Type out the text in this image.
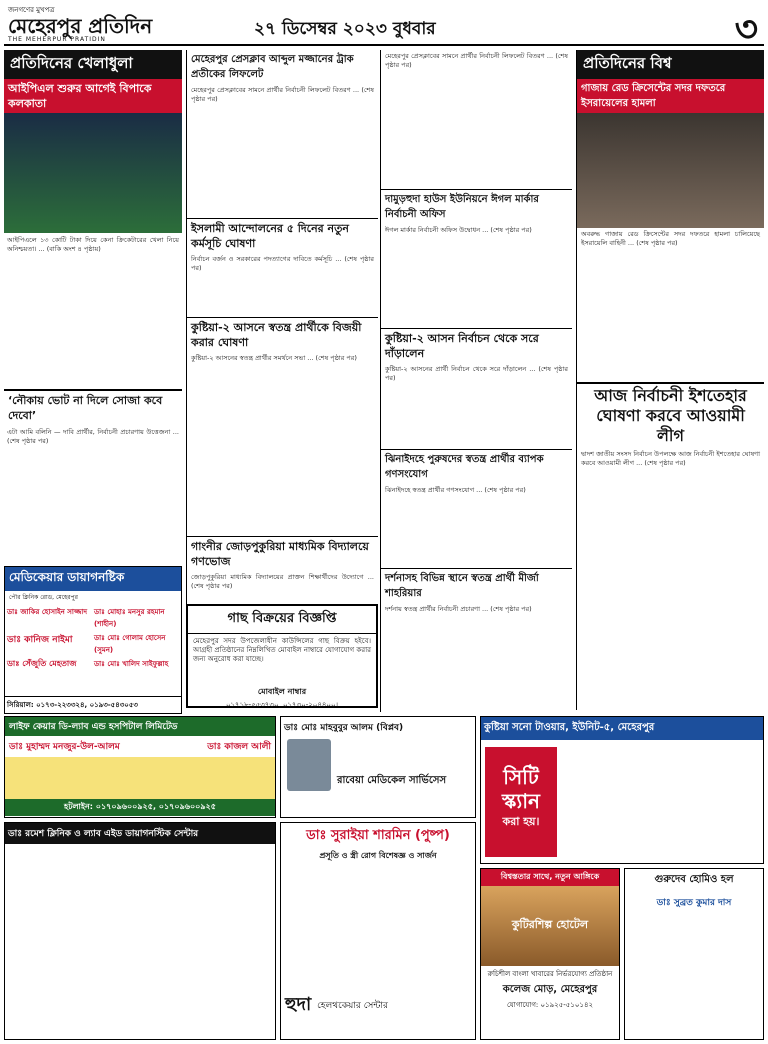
জনগণের মুখপত্র
মেহেরপুর প্রতিদিন
THE MEHERPUR PRATIDIN
২৭ ডিসেম্বর ২০২৩ বুধবার	৩
প্রতিদিনের খেলাধুলা
আইপিএল শুরুর আগেই বিপাকে কলকাতা
আইপিএলে ১৩ কোটি টাকা দিয়ে কেনা ক্রিকেটারের খেলা নিয়ে অনিশ্চয়তা। ... (বাকি অংশ ৪ পৃষ্ঠায়)
‘নৌকায় ভোট না দিলে সোজা কবে দেবো’
এটা আমি বলিনি — দাবি প্রার্থীর, নির্বাচনী প্রচারণায় উত্তেজনা ... (শেষ পৃষ্ঠার পর)
মেডিকেয়ার ডায়াগনষ্টিক
পৌর ক্লিনিক রোড, মেহেরপুর
ডাঃ জাকির হোসাইন সাজ্জাদ	ডাঃ মোহাঃ মনসুর রহমান (শাহীন)
ডাঃ কানিজ নাইমা	ডাঃ মোঃ গোলাম হোসেন (সুমন)
ডাঃ সেঁজুতি মেহতাজ	ডাঃ মোঃ খালিদ সাইফুল্লাহ
সিরিয়াল: ০১৭৩-২২৩৩২৪, ০১৯৩-৫৪৩০৫৩
মেহেরপুর প্রেসক্লাব আব্দুল মজ্জানের ট্রাক প্রতীকের লিফলেট
মেহেরপুর প্রেসক্লাবের সামনে প্রার্থীর নির্বাচনী লিফলেট বিতরণ ... (শেষ পৃষ্ঠার পর)
ইসলামী আন্দোলনের ৫ দিনের নতুন কর্মসূচি ঘোষণা
নির্বাচন বর্জন ও সরকারের পদত্যাগের দাবিতে কর্মসূচি ... (শেষ পৃষ্ঠার পর)
কুষ্টিয়া-২ আসনে স্বতন্ত্র প্রার্থীকে বিজয়ী করার ঘোষণা
কুষ্টিয়া-২ আসনের স্বতন্ত্র প্রার্থীর সমর্থনে সভা ... (শেষ পৃষ্ঠার পর)
গাংনীর জোড়পুকুরিয়া মাধ্যমিক বিদ্যালয়ে গণভোজ
জোড়পুকুরিয়া মাধ্যমিক বিদ্যালয়ের প্রাক্তন শিক্ষার্থীদের উদ্যোগে ... (শেষ পৃষ্ঠার পর)
গাছ বিক্রয়ের বিজ্ঞপ্তি
মেহেরপুর সদর উপজেলাধীন কাউন্সিলের গাছ বিক্রয় হইবে। আগ্রহী প্রতিষ্ঠানের নিম্নলিখিত মোবাইল নাম্বারে যোগাযোগ করার জন্য অনুরোধ করা যাচ্ছে।
মোবাইল নাম্বার
০১৭১৮-৫৫৩৭৩০, ০১৭৩০-২০৪৪০০।
মেহেরপুর প্রেসক্লাবের সামনে প্রার্থীর নির্বাচনী লিফলেট বিতরণ ... (শেষ পৃষ্ঠার পর)
দামুড়হুদা হাউস ইউনিয়নে ঈগল মার্কার নির্বাচনী অফিস
ঈগল মার্কার নির্বাচনী অফিস উদ্বোধন ... (শেষ পৃষ্ঠার পর)
কুষ্টিয়া-২ আসন নির্বাচন থেকে সরে দাঁড়ালেন
কুষ্টিয়া-২ আসনের প্রার্থী নির্বাচন থেকে সরে দাঁড়ালেন ... (শেষ পৃষ্ঠার পর)
ঝিনাইদহে পুরুষদের স্বতন্ত্র প্রার্থীর ব্যাপক গণসংযোগ
ঝিনাইদহে স্বতন্ত্র প্রার্থীর গণসংযোগ ... (শেষ পৃষ্ঠার পর)
দর্শনাসহ বিভিন্ন স্থানে স্বতন্ত্র প্রার্থী মীর্জা শাহরিয়ার
দর্শনায় স্বতন্ত্র প্রার্থীর নির্বাচনী প্রচারণা ... (শেষ পৃষ্ঠার পর)
প্রতিদিনের বিশ্ব
গাজায় রেড ক্রিসেন্টের সদর দফতরে ইসরায়েলের হামলা
অবরুদ্ধ গাজায় রেড ক্রিসেন্টের সদর দফতরে হামলা চালিয়েছে ইসরায়েলি বাহিনী ... (শেষ পৃষ্ঠার পর)
আজ নির্বাচনী ইশতেহার ঘোষণা করবে আওয়ামী লীগ
দ্বাদশ জাতীয় সংসদ নির্বাচন উপলক্ষে আজ নির্বাচনী ইশতেহার ঘোষণা করবে আওয়ামী লীগ ... (শেষ পৃষ্ঠার পর)
লাইফ কেয়ার ডি-ল্যাব এন্ড হসপিটাল লিমিটেড
ডাঃ মুহাম্মদ মনজুর-উল-আলম	ডাঃ কাজল আলী
হটলাইন: ০১৭০৯৬০০৯২৫, ০১৭০৯৬০০৯২৫
ডাঃ মোঃ মাহবুবুর আলম (বিপ্লব)
রাবেয়া মেডিকেল সার্ভিসেস
কুষ্টিয়া সনো টাওয়ার, ইউনিট-৫, মেহেরপুর
সিটি স্ক্যান
করা হয়।
ডাঃ রমেশ ক্লিনিক ও ল্যাব এইড ডায়াগনস্টিক সেন্টার	ডাঃ সুরাইয়া শারমিন (পুষ্প)
প্রসূতি ও স্ত্রী রোগ বিশেষজ্ঞ ও সার্জন
হুদা হেলথকেয়ার সেন্টার
বিশ্বস্ততার সাথে, নতুন আঙ্গিকে
কুটিরশিল্প হোটেল
রুচিশীল বাংলা খাবারের নির্ভরযোগ্য প্রতিষ্ঠান
কলেজ মোড়, মেহেরপুর
যোগাযোগ: ০১৯২৫-৫১০১৪২
গুরুদেব হোমিও হল
ডাঃ সুব্রত কুমার দাস
